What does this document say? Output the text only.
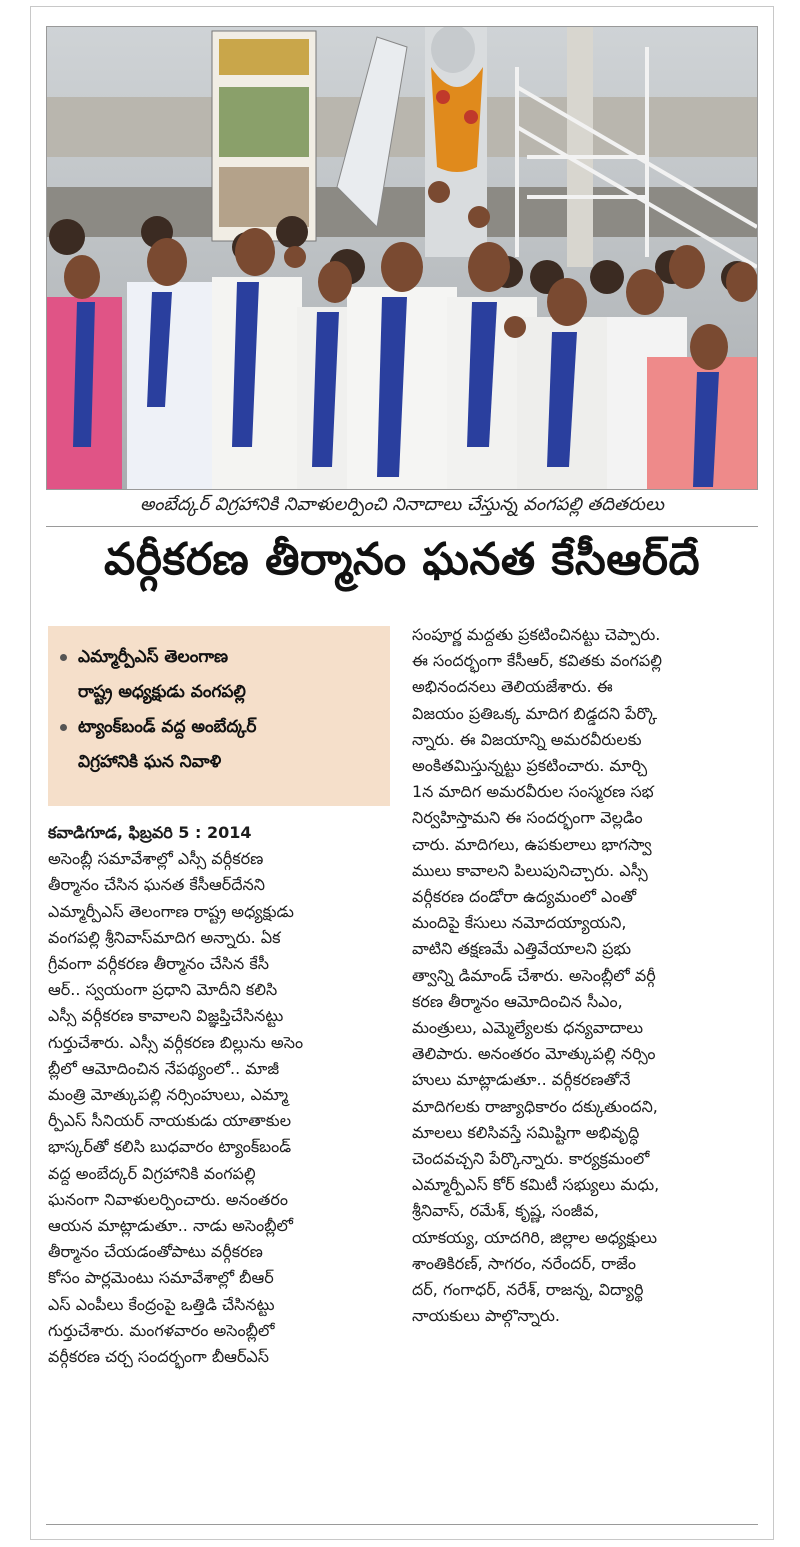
అంబేద్కర్ విగ్రహానికి నివాళులర్పించి నినాదాలు చేస్తున్న వంగపల్లి తదితరులు
వర్గీకరణ తీర్మానం ఘనత కేసీఆర్‌దే
ఎమ్మార్పీఎస్ తెలంగాణ
రాష్ట్ర అధ్యక్షుడు వంగపల్లి
ట్యాంక్‌బండ్ వద్ద అంబేద్కర్
విగ్రహానికి ఘన నివాళి
కవాడిగూడ, ఫిబ్రవరి 5 : 2014
అసెంబ్లీ సమావేశాల్లో ఎస్సీ వర్గీకరణ
తీర్మానం చేసిన ఘనత కేసీఆర్‌దేనని
ఎమ్మార్పీఎస్ తెలంగాణ రాష్ట్ర అధ్యక్షుడు
వంగపల్లి శ్రీనివాస్‌మాదిగ అన్నారు. ఏక
గ్రీవంగా వర్గీకరణ తీర్మానం చేసిన కేసీ
ఆర్.. స్వయంగా ప్రధాని మోదీని కలిసి
ఎస్సీ వర్గీకరణ కావాలని విజ్ఞప్తిచేసినట్టు
గుర్తుచేశారు. ఎస్సీ వర్గీకరణ బిల్లును అసెం
బ్లీలో ఆమోదించిన నేపథ్యంలో.. మాజీ
మంత్రి మోత్కుపల్లి నర్సింహులు, ఎమ్మా
ర్పీఎస్ సీనియర్ నాయకుడు యాతాకుల
భాస్కర్‌తో కలిసి బుధవారం ట్యాంక్‌బండ్
వద్ద అంబేద్కర్ విగ్రహానికి వంగపల్లి
ఘనంగా నివాళులర్పించారు. అనంతరం
ఆయన మాట్లాడుతూ.. నాడు అసెంబ్లీలో
తీర్మానం చేయడంతోపాటు వర్గీకరణ
కోసం పార్లమెంటు సమావేశాల్లో బీఆర్
ఎస్ ఎంపీలు కేంద్రంపై ఒత్తిడి చేసినట్టు
గుర్తుచేశారు. మంగళవారం అసెంబ్లీలో
వర్గీకరణ చర్చ సందర్భంగా బీఆర్ఎస్
సంపూర్ణ మద్దతు ప్రకటించినట్టు చెప్పారు.
ఈ సందర్భంగా కేసీఆర్, కవితకు వంగపల్లి
అభినందనలు తెలియజేశారు. ఈ
విజయం ప్రతిఒక్క మాదిగ బిడ్డదని పేర్కొ
న్నారు. ఈ విజయాన్ని అమరవీరులకు
అంకితమిస్తున్నట్టు ప్రకటించారు. మార్చి
1న మాదిగ అమరవీరుల సంస్మరణ సభ
నిర్వహిస్తామని ఈ సందర్భంగా వెల్లడిం
చారు. మాదిగలు, ఉపకులాలు భాగస్వా
ములు కావాలని పిలుపునిచ్చారు. ఎస్సీ
వర్గీకరణ దండోరా ఉద్యమంలో ఎంతో
మందిపై కేసులు నమోదయ్యాయని,
వాటిని తక్షణమే ఎత్తివేయాలని ప్రభు
త్వాన్ని డిమాండ్ చేశారు. అసెంబ్లీలో వర్గీ
కరణ తీర్మానం ఆమోదించిన సీఎం,
మంత్రులు, ఎమ్మెల్యేలకు ధన్యవాదాలు
తెలిపారు. అనంతరం మోత్కుపల్లి నర్సిం
హులు మాట్లాడుతూ.. వర్గీకరణతోనే
మాదిగలకు రాజ్యాధికారం దక్కుతుందని,
మాలలు కలిసివస్తే సమిష్టిగా అభివృద్ధి
చెందవచ్చని పేర్కొన్నారు. కార్యక్రమంలో
ఎమ్మార్పీఎస్ కోర్ కమిటీ సభ్యులు మధు,
శ్రీనివాస్, రమేశ్, కృష్ణ, సంజీవ,
యాకయ్య, యాదగిరి, జిల్లాల అధ్యక్షులు
శాంతికిరణ్, సాగరం, నరేందర్, రాజేం
దర్, గంగాధర్, నరేశ్, రాజన్న, విద్యార్థి
నాయకులు పాల్గొన్నారు.
